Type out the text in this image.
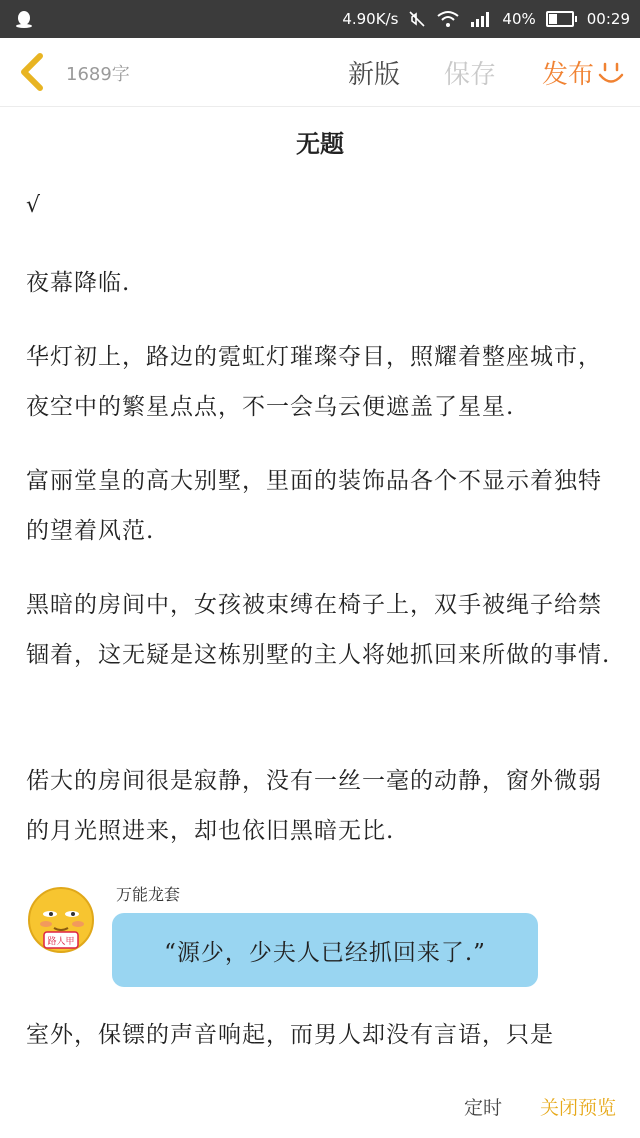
4.90K/s	40%	00:29
1689字	新版 保存 发布
无题
√
夜幕降临.
华灯初上，路边的霓虹灯璀璨夺目，照耀着整座城市，夜空中的繁星点点，不一会乌云便遮盖了星星.
富丽堂皇的高大别墅，里面的装饰品各个不显示着独特的望着风范.
黑暗的房间中，女孩被束缚在椅子上，双手被绳子给禁锢着，这无疑是这栋别墅的主人将她抓回来所做的事情.
偌大的房间很是寂静，没有一丝一毫的动静，窗外微弱的月光照进来，却也依旧黑暗无比.
路人甲
万能龙套
“源少，少夫人已经抓回来了.”
室外，保镖的声音响起，而男人却没有言语，只是
定时 关闭预览
